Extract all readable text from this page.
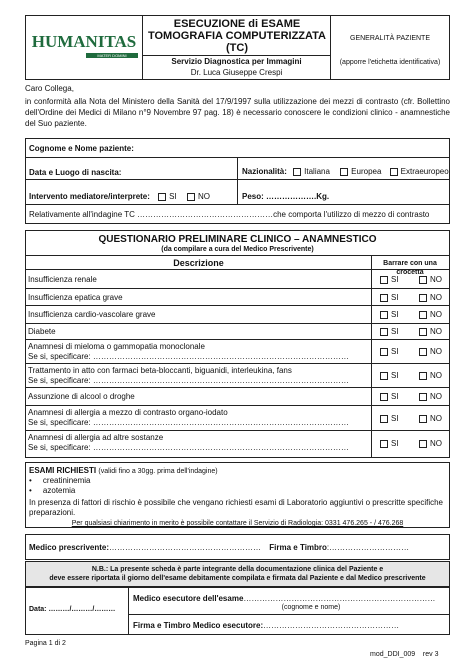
HUMANITAS
MATER DOMINI
ESECUZIONE di ESAME TOMOGRAFIA COMPUTERIZZATA (TC)
Servizio Diagnostica per Immagini
Dr. Luca Giuseppe Crespi
GENERALITÀ PAZIENTE
(apporre l'etichetta identificativa)
Caro Collega,
in conformità alla Nota del Ministero della Sanità del 17/9/1997 sulla utilizzazione dei mezzi di contrasto (cfr. Bollettino dell'Ordine dei Medici di Milano n°9 Novembre 97 pag. 18) è necessario conoscere le condizioni clinico - anamnestiche del Suo paziente.
Cognome e Nome paziente:
Data e Luogo di nascita:	Nazionalità: Italiana	Europea Extraeuropeo
Intervento mediatore/interprete: SI	NO	Peso: ……………….Kg.
Relativamente all'indagine TC ……………………………………………che comporta l'utilizzo di mezzo di contrasto
QUESTIONARIO PRELIMINARE CLINICO – ANAMNESTICO
(da compilare a cura del Medico Prescrivente)
Descrizione	Barrare con una crocetta
Insufficienza renale	SI	NO
Insufficienza epatica grave	SI	NO
Insufficienza cardio-vascolare grave	SI	NO
Diabete	SI	NO
Anamnesi di mieloma o gammopatia monoclonale
Se si, specificare: ……………………………………………………………………………………
SI	NO
Trattamento in atto con farmaci beta-bloccanti, biguanidi, interleukina, fans
Se si, specificare: ……………………………………………………………………………………
SI	NO
Assunzione di alcool o droghe	SI	NO
Anamnesi di allergia a mezzo di contrasto organo-iodato
Se si, specificare: ……………………………………………………………………………………	SI	NO
Anamnesi di allergia ad altre sostanze
Se si, specificare: ……………………………………………………………………………………	SI	NO
ESAMI RICHIESTI (validi fino a 30gg. prima dell'indagine)
•     creatininemia
•     azotemia
In presenza di fattori di rischio è possibile che vengano richiesti esami di Laboratorio aggiuntivi o prescritte specifiche preparazioni.
Per qualsiasi chiarimento in merito è possibile contattare il Servizio di Radiologia: 0331 476.265 - / 476.268
Medico prescrivente:………………………………………………… Firma e Timbro:…………………………
N.B.: La presente scheda è parte integrante della documentazione clinica del Paziente e
deve essere riportata il giorno dell'esame debitamente compilata e firmata dal Paziente e dal Medico prescrivente
Data: ………/………/………
Medico esecutore dell'esame………………………………………………………………
(cognome e nome)
Firma e Timbro Medico esecutore:……………………………………………
Pagina 1 di 2
mod_DDI_009    rev 3
